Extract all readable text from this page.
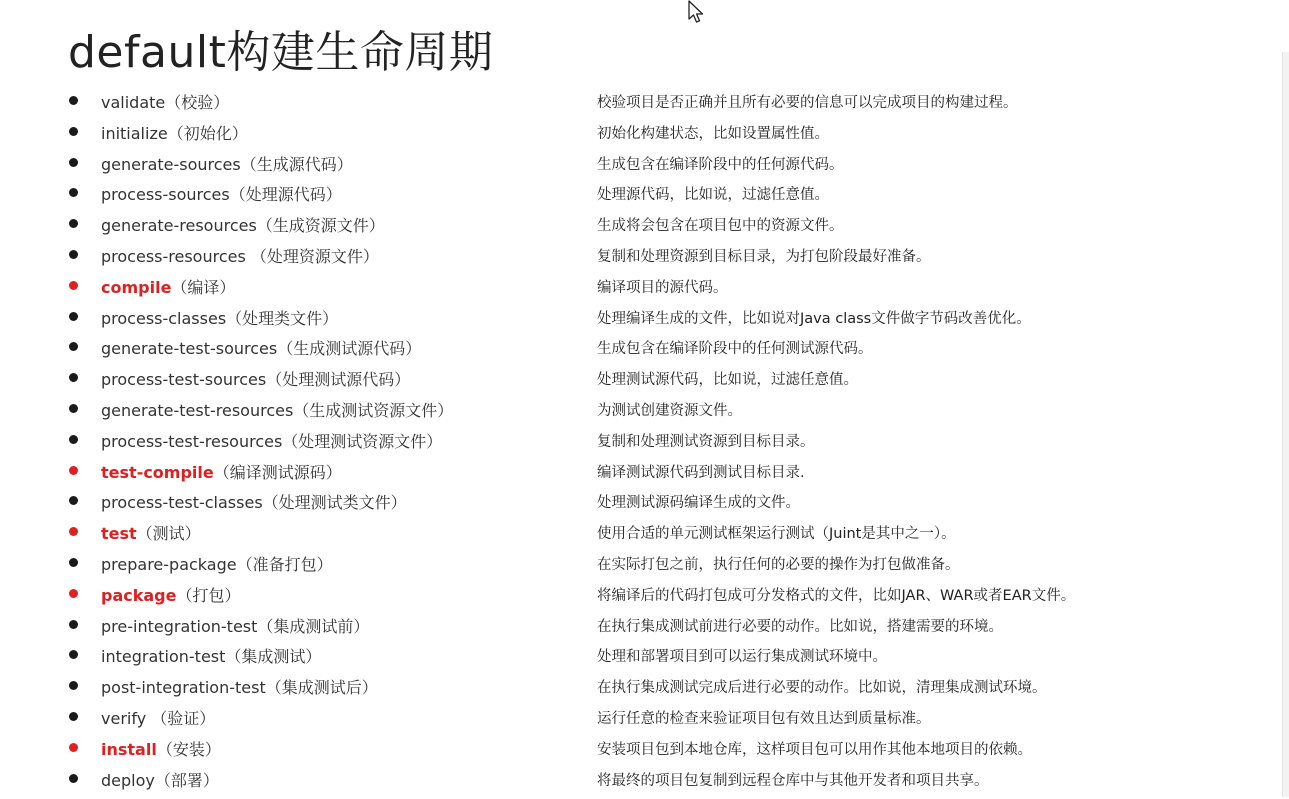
default构建生命周期
validate（校验）	校验项目是否正确并且所有必要的信息可以完成项目的构建过程。
initialize（初始化）	初始化构建状态，比如设置属性值。
generate-sources（生成源代码）	生成包含在编译阶段中的任何源代码。
process-sources（处理源代码）	处理源代码，比如说，过滤任意值。
generate-resources（生成资源文件）	生成将会包含在项目包中的资源文件。
process-resources （处理资源文件）	复制和处理资源到目标目录，为打包阶段最好准备。
compile（编译）	编译项目的源代码。
process-classes（处理类文件）	处理编译生成的文件，比如说对Java class文件做字节码改善优化。
generate-test-sources（生成测试源代码）	生成包含在编译阶段中的任何测试源代码。
process-test-sources（处理测试源代码）	处理测试源代码，比如说，过滤任意值。
generate-test-resources（生成测试资源文件）	为测试创建资源文件。
process-test-resources（处理测试资源文件）	复制和处理测试资源到目标目录。
test-compile（编译测试源码）	编译测试源代码到测试目标目录.
process-test-classes（处理测试类文件）	处理测试源码编译生成的文件。
test（测试）	使用合适的单元测试框架运行测试（Juint是其中之一）。
prepare-package（准备打包）	在实际打包之前，执行任何的必要的操作为打包做准备。
package（打包）	将编译后的代码打包成可分发格式的文件，比如JAR、WAR或者EAR文件。
pre-integration-test（集成测试前）	在执行集成测试前进行必要的动作。比如说，搭建需要的环境。
integration-test（集成测试）	处理和部署项目到可以运行集成测试环境中。
post-integration-test（集成测试后）	在执行集成测试完成后进行必要的动作。比如说，清理集成测试环境。
verify （验证）	运行任意的检查来验证项目包有效且达到质量标准。
install（安装）	安装项目包到本地仓库，这样项目包可以用作其他本地项目的依赖。
deploy（部署）	将最终的项目包复制到远程仓库中与其他开发者和项目共享。
